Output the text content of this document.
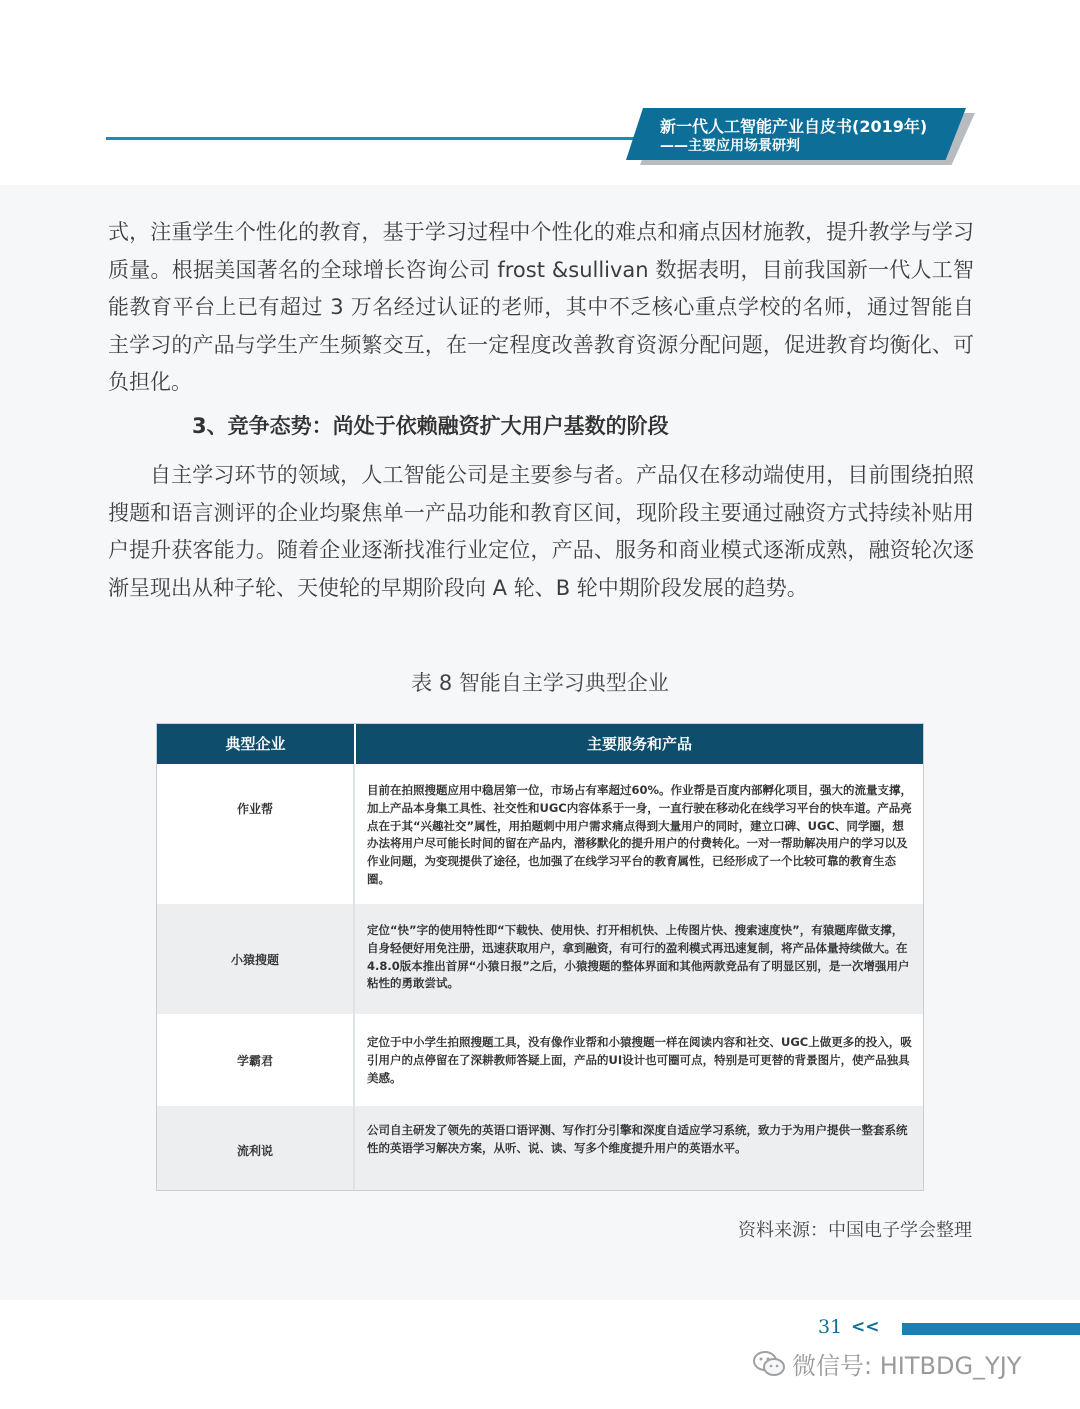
新一代人工智能产业自皮书(2019年)
——主要应用场景研判

式，注重学生个性化的教育，基于学习过程中个性化的难点和痛点因材施教，提升教学与学习质量。根据美国著名的全球增长咨询公司 frost &sullivan 数据表明，目前我国新一代人工智能教育平台上已有超过 3 万名经过认证的老师，其中不乏核心重点学校的名师，通过智能自主学习的产品与学生产生频繁交互，在一定程度改善教育资源分配问题，促进教育均衡化、可负担化。

3、竞争态势：尚处于依赖融资扩大用户基数的阶段

自主学习环节的领域，人工智能公司是主要参与者。产品仅在移动端使用，目前围绕拍照搜题和语言测评的企业均聚焦单一产品功能和教育区间，现阶段主要通过融资方式持续补贴用户提升获客能力。随着企业逐渐找准行业定位，产品、服务和商业模式逐渐成熟，融资轮次逐渐呈现出从种子轮、天使轮的早期阶段向 A 轮、B 轮中期阶段发展的趋势。

表 8 智能自主学习典型企业
典型企业	主要服务和产品
作业帮

目前在拍照搜题应用中稳居第一位，市场占有率超过60%。作业帮是百度内部孵化项目，强大的流量支撑，加上产品本身集工具性、社交性和UGC内容体系于一身，一直行驶在移动化在线学习平台的快车道。产品亮点在于其“兴趣社交”属性，用拍题刺中用户需求痛点得到大量用户的同时，建立口碑、UGC、同学圈，想办法将用户尽可能长时间的留在产品内，潜移默化的提升用户的付费转化。一对一帮助解决用户的学习以及作业问题，为变现提供了途径，也加强了在线学习平台的教育属性，已经形成了一个比较可靠的教育生态圈。

小猿搜题

定位“快”字的使用特性即“下载快、使用快、打开相机快、上传图片快、搜索速度快”，有猿题库做支撑，自身轻便好用免注册，迅速获取用户，拿到融资，有可行的盈利模式再迅速复制，将产品体量持续做大。在4.8.0版本推出首屏“小猿日报”之后，小猿搜题的整体界面和其他两款竞品有了明显区别，是一次增强用户粘性的勇敢尝试。

学霸君

定位于中小学生拍照搜题工具，没有像作业帮和小猿搜题一样在阅读内容和社交、UGC上做更多的投入，吸引用户的点停留在了深耕教师答疑上面，产品的UI设计也可圈可点，特别是可更替的背景图片，使产品独具美感。

流利说

公司自主研发了领先的英语口语评测、写作打分引擎和深度自适应学习系统，致力于为用户提供一整套系统性的英语学习解决方案，从听、说、读、写多个维度提升用户的英语水平。

资料来源：中国电子学会整理
31 <<
微信号: HITBDG_YJY
